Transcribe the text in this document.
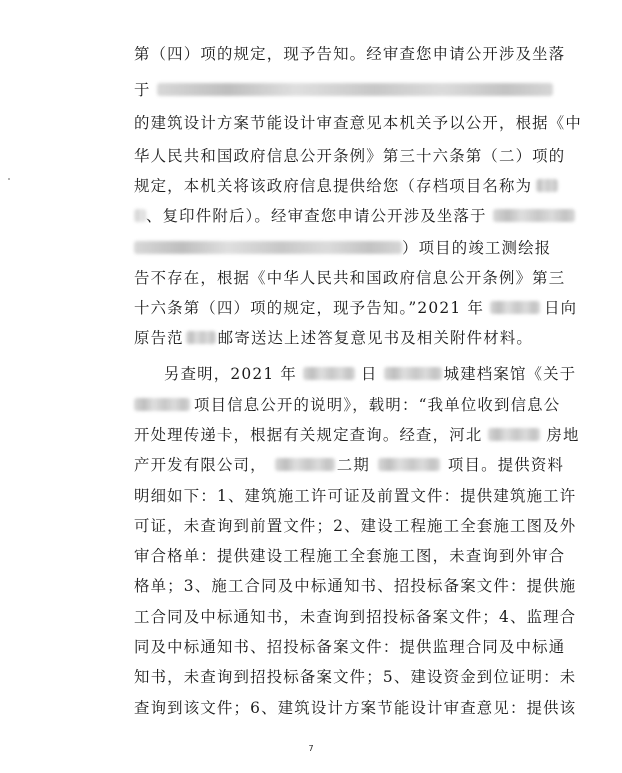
第（四）项的规定，现予告知。经审查您申请公开涉及坐落
于
的建筑设计方案节能设计审查意见本机关予以公开，根据《中
华人民共和国政府信息公开条例》第三十六条第（二）项的
规定，本机关将该政府信息提供给您（存档项目名称为
、复印件附后）。经审查您申请公开涉及坐落于
）项目的竣工测绘报
告不存在，根据《中华人民共和国政府信息公开条例》第三
十六条第（四）项的规定，现予告知。”2021 年	日向
原告范 邮寄送达上述答复意见书及相关附件材料。
另查明，2021 年	日	城建档案馆《关于
项目信息公开的说明》，载明：“我单位收到信息公
开处理传递卡，根据有关规定查询。经查，河北	房地
产开发有限公司，	二期	项目。提供资料
明细如下：1、建筑施工许可证及前置文件：提供建筑施工许
可证，未查询到前置文件；2、建设工程施工全套施工图及外
审合格单：提供建设工程施工全套施工图，未查询到外审合
格单；3、施工合同及中标通知书、招投标备案文件：提供施
工合同及中标通知书，未查询到招投标备案文件；4、监理合
同及中标通知书、招投标备案文件：提供监理合同及中标通
知书，未查询到招投标备案文件；5、建设资金到位证明：未
查询到该文件；6、建筑设计方案节能设计审查意见：提供该
7
